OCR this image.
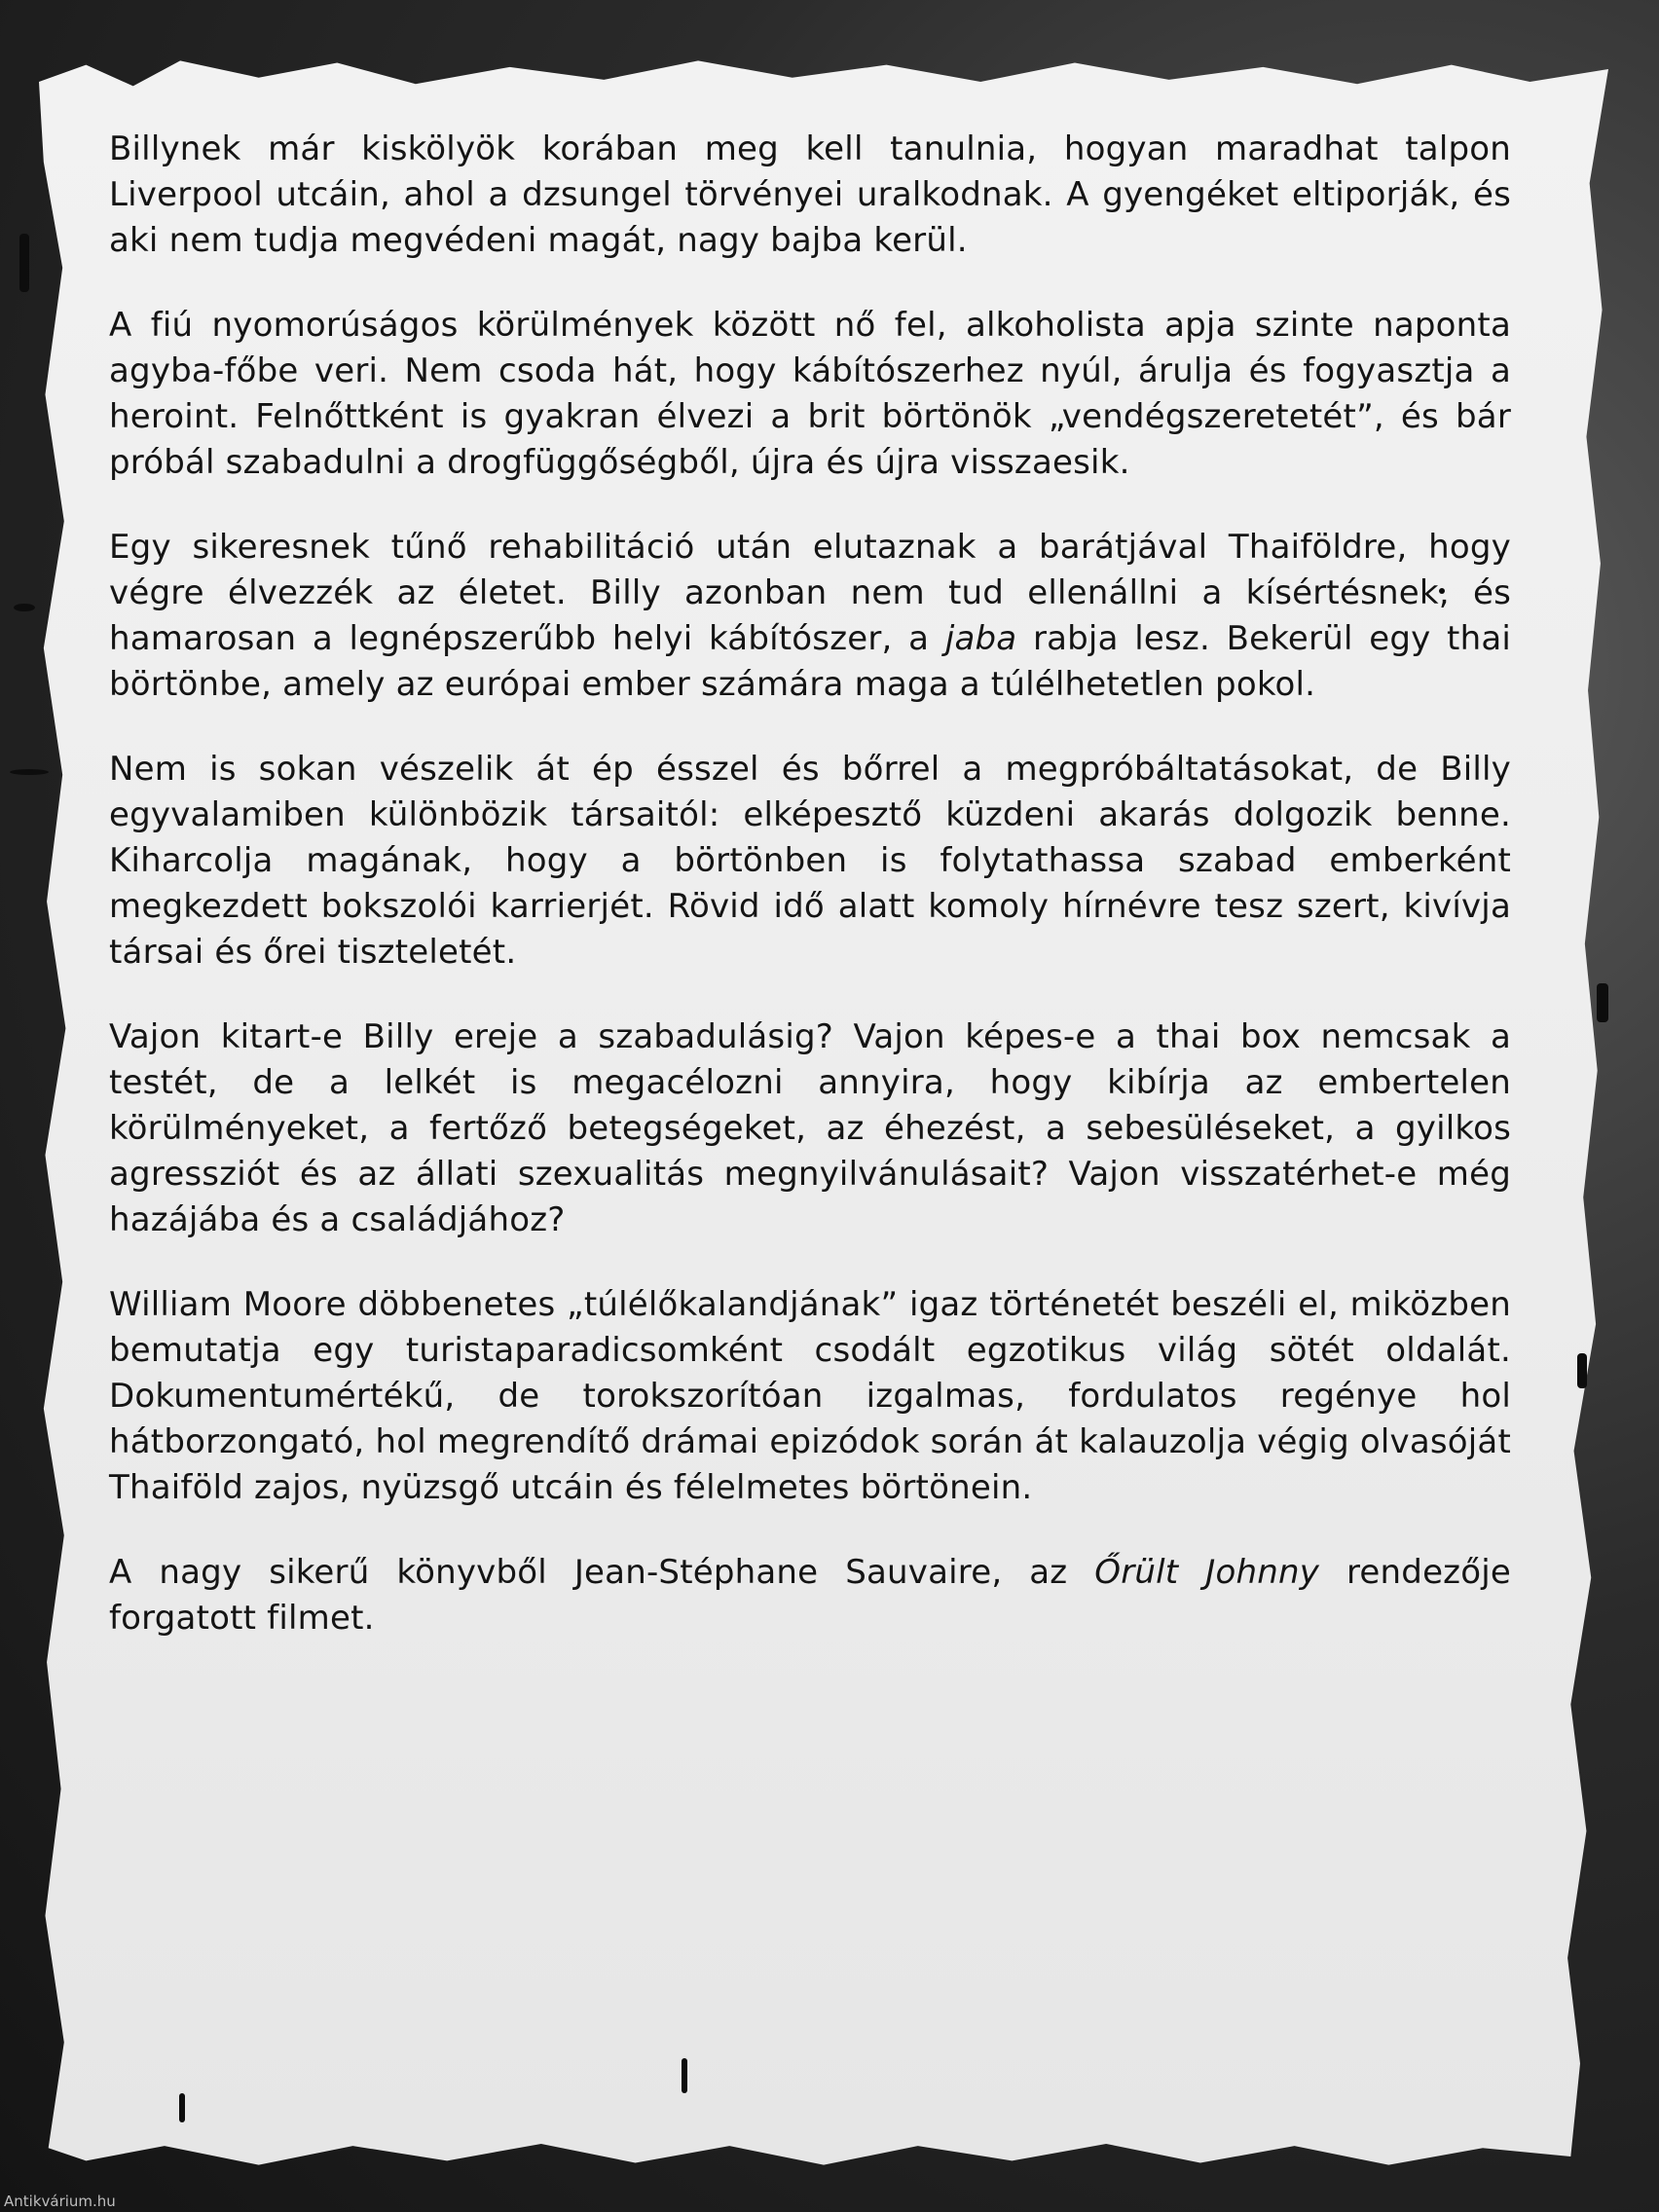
Billynek már kiskölyök korában meg kell tanulnia, hogyan maradhat talpon Liverpool utcáin, ahol a dzsungel törvényei uralkodnak. A gyengéket eltiporják, és aki nem tudja megvédeni magát, nagy bajba kerül.

A fiú nyomorúságos körülmények között nő fel, alkoholista apja szinte naponta agyba-főbe veri. Nem csoda hát, hogy kábítószerhez nyúl, árulja és fogyasztja a heroint. Felnőttként is gyakran élvezi a brit börtönök „vendégszeretetét”, és bár próbál szabadulni a drogfüggőségből, újra és újra visszaesik.

Egy sikeresnek tűnő rehabilitáció után elutaznak a barátjával Thaiföldre, hogy végre élvezzék az életet. Billy azonban nem tud ellenállni a kísértésnek, és hamarosan a legnépszerűbb helyi kábítószer, a jaba rabja lesz. Bekerül egy thai börtönbe, amely az európai ember számára maga a túlélhetetlen pokol.

Nem is sokan vészelik át ép ésszel és bőrrel a megpróbáltatásokat, de Billy egyvalamiben különbözik társaitól: elképesztő küzdeni akarás dolgozik benne. Kiharcolja magának, hogy a börtönben is folytathassa szabad emberként megkezdett bokszolói karrierjét. Rövid idő alatt komoly hírnévre tesz szert, kivívja társai és őrei tiszteletét.

Vajon kitart-e Billy ereje a szabadulásig? Vajon képes-e a thai box nemcsak a testét, de a lelkét is megacélozni annyira, hogy kibírja az embertelen körülményeket, a fertőző betegségeket, az éhezést, a sebesüléseket, a gyilkos agressziót és az állati szexualitás megnyilvánulásait? Vajon visszatérhet-e még hazájába és a családjához?

William Moore döbbenetes „túlélőkalandjának” igaz történetét beszéli el, miközben bemutatja egy turistaparadicsomként csodált egzotikus világ sötét oldalát. Dokumentumértékű, de torokszorítóan izgalmas, fordulatos regénye hol hátborzongató, hol megrendítő drámai epizódok során át kalauzolja végig olvasóját Thaiföld zajos, nyüzsgő utcáin és félelmetes börtönein.

A nagy sikerű könyvből Jean-Stéphane Sauvaire, az Őrült Johnny rendezője forgatott filmet.

Antikvárium.hu
